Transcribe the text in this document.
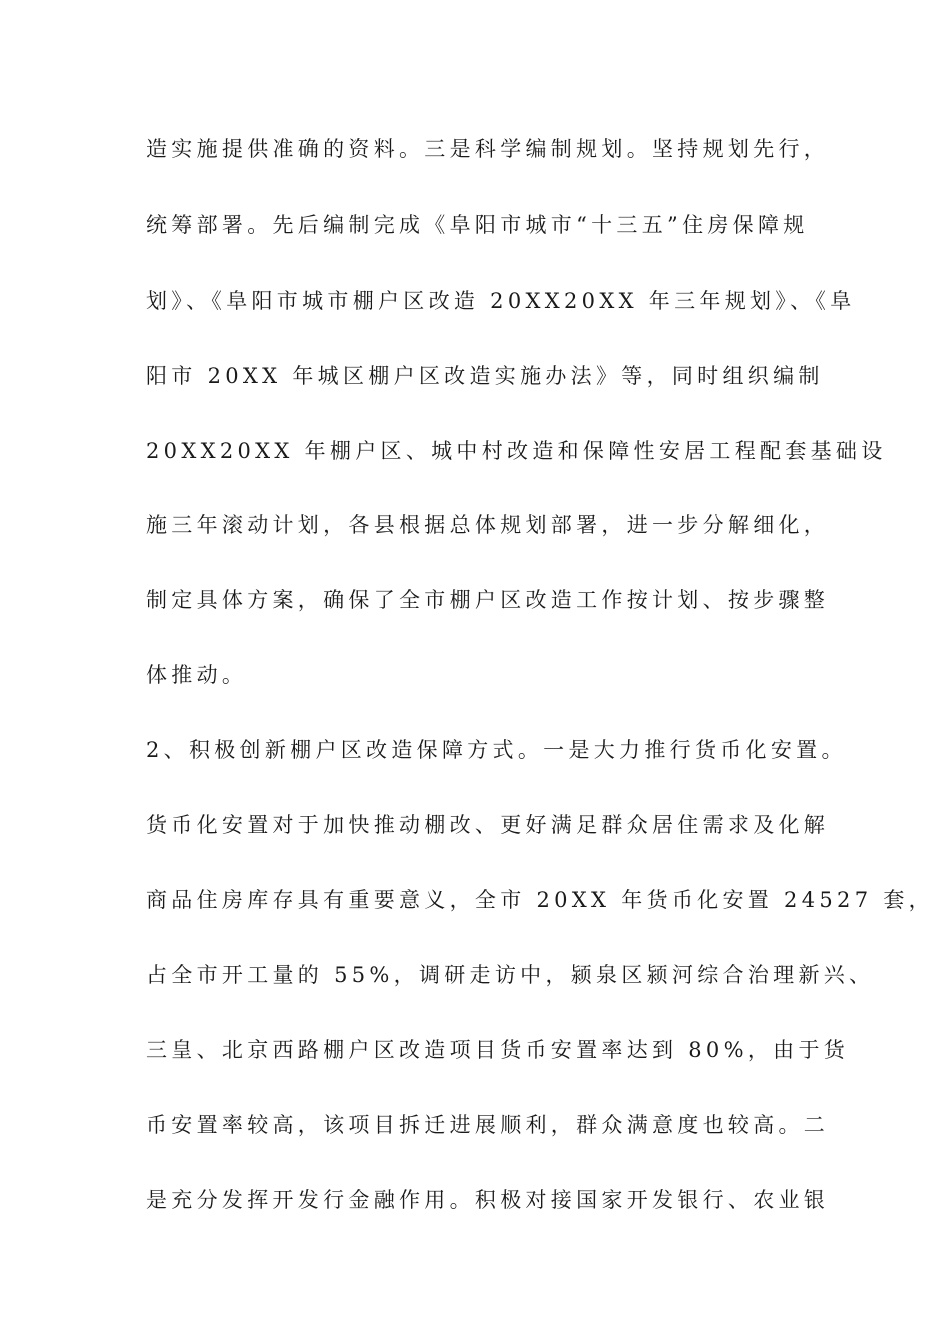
造实施提供准确的资料。三是科学编制规划。坚持规划先行，
统筹部署。先后编制完成《阜阳市城市“十三五”住房保障规
划》、《阜阳市城市棚户区改造 20XX20XX 年三年规划》、《阜
阳市 20XX 年城区棚户区改造实施办法》等，同时组织编制
20XX20XX 年棚户区、城中村改造和保障性安居工程配套基础设
施三年滚动计划，各县根据总体规划部署，进一步分解细化，
制定具体方案，确保了全市棚户区改造工作按计划、按步骤整
体推动。
2、积极创新棚户区改造保障方式。一是大力推行货币化安置。
货币化安置对于加快推动棚改、更好满足群众居住需求及化解
商品住房库存具有重要意义，全市 20XX 年货币化安置 24527 套，
占全市开工量的 55%，调研走访中，颍泉区颍河综合治理新兴、
三皇、北京西路棚户区改造项目货币安置率达到 80%，由于货
币安置率较高，该项目拆迁进展顺利，群众满意度也较高。二
是充分发挥开发行金融作用。积极对接国家开发银行、农业银
